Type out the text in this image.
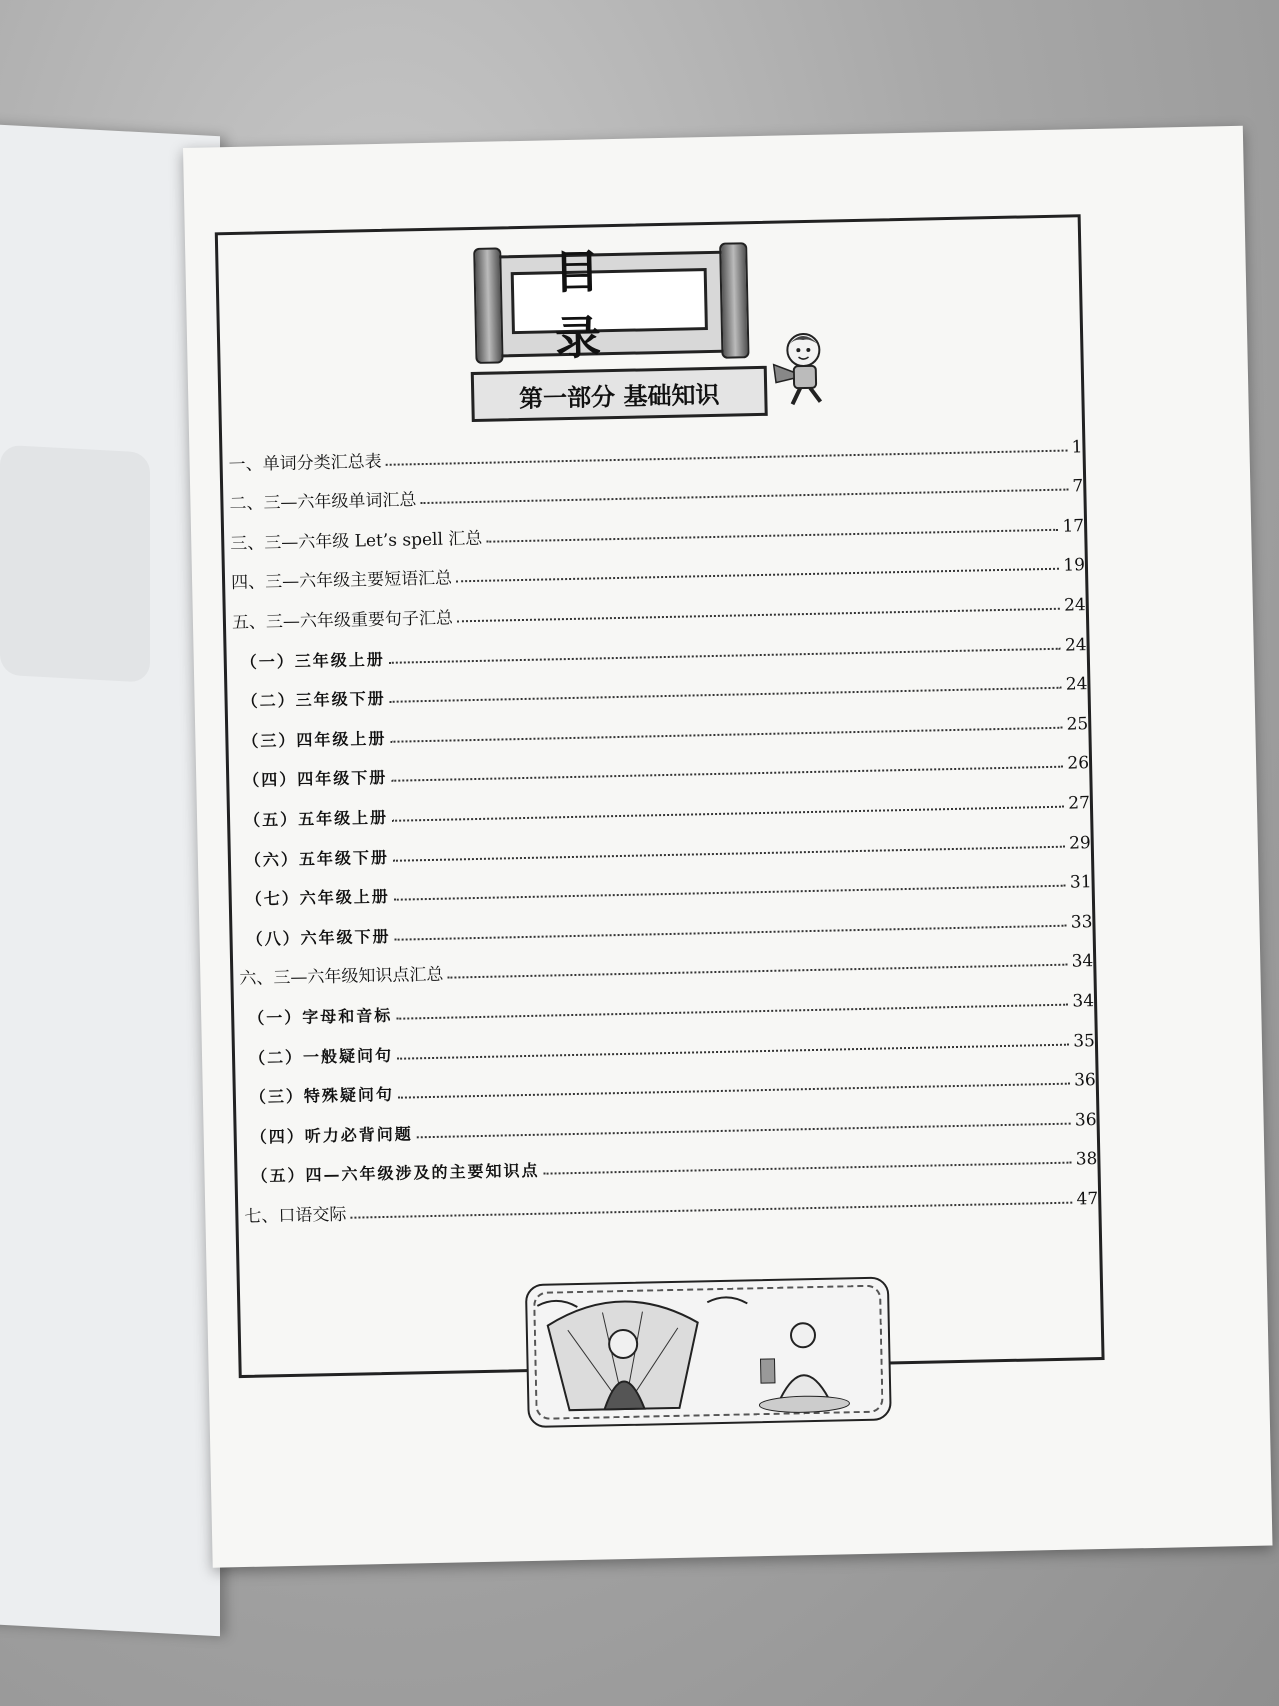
目 录
第一部分 基础知识
一、单词分类汇总表
1
二、三—六年级单词汇总
7
三、三—六年级 Let’s spell 汇总
17
四、三—六年级主要短语汇总
19
五、三—六年级重要句子汇总
24
（一）三年级上册
24
（二）三年级下册
24
（三）四年级上册
25
（四）四年级下册
26
（五）五年级上册
27
（六）五年级下册
29
（七）六年级上册
31
（八）六年级下册
33
六、三—六年级知识点汇总
34
（一）字母和音标
34
（二）一般疑问句
35
（三）特殊疑问句
36
（四）听力必背问题
36
（五）四—六年级涉及的主要知识点
38
七、口语交际
47
